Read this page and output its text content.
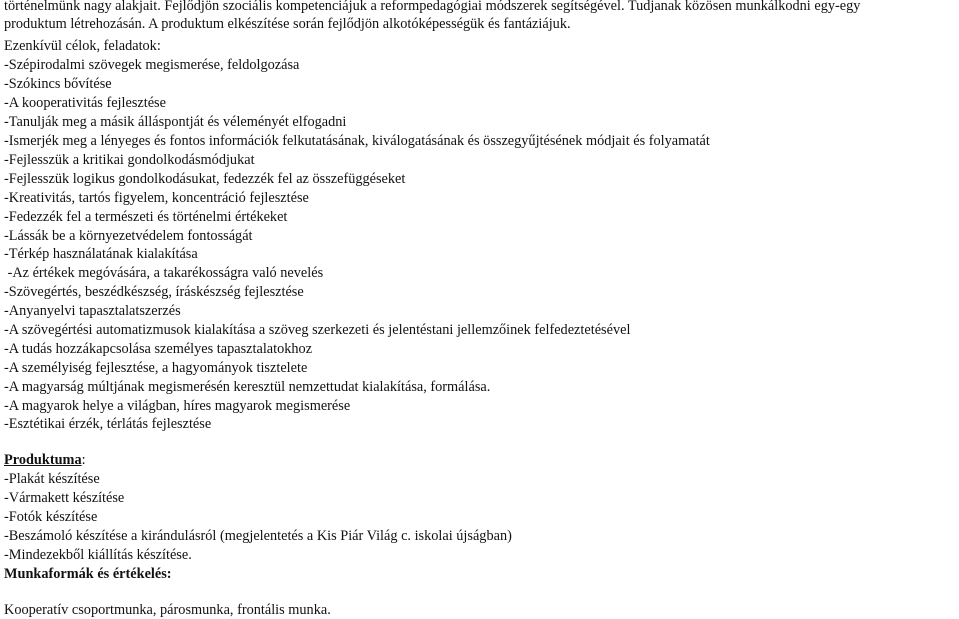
történelmünk nagy alakjait. Fejlődjön szociális kompetenciájuk a reformpedagógiai módszerek segítségével. Tudjanak közösen munkálkodni egy-egy
produktum létrehozásán. A produktum elkészítése során fejlődjön alkotóképességük és fantáziájuk.
Ezenkívül célok, feladatok:
-Szépirodalmi szövegek megismerése, feldolgozása
-Szókincs bővítése
-A kooperativitás fejlesztése
-Tanulják meg a másik álláspontját és véleményét elfogadni
-Ismerjék meg a lényeges és fontos információk felkutatásának, kiválogatásának és összegyűjtésének módjait és folyamatát
-Fejlesszük a kritikai gondolkodásmódjukat
-Fejlesszük logikus gondolkodásukat, fedezzék fel az összefüggéseket
-Kreativitás, tartós figyelem, koncentráció fejlesztése
-Fedezzék fel a természeti és történelmi értékeket
-Lássák be a környezetvédelem fontosságát
-Térkép használatának kialakítása
-Az értékek megóvására, a takarékosságra való nevelés
-Szövegértés, beszédkészség, íráskészség fejlesztése
-Anyanyelvi tapasztalatszerzés
-A szövegértési automatizmusok kialakítása a szöveg szerkezeti és jelentéstani jellemzőinek felfedeztetésével
-A tudás hozzákapcsolása személyes tapasztalatokhoz
-A személyiség fejlesztése, a hagyományok tisztelete
-A magyarság múltjának megismerésén keresztül nemzettudat kialakítása, formálása.
-A magyarok helye a világban, híres magyarok megismerése
-Esztétikai érzék, térlátás fejlesztése
Produktuma:
-Plakát készítése
-Vármakett készítése
-Fotók készítése
-Beszámoló készítése a kirándulásról (megjelentetés a Kis Piár Világ c. iskolai újságban)
-Mindezekből kiállítás készítése.
Munkaformák és értékelés:
Kooperatív csoportmunka, párosmunka, frontális munka.
